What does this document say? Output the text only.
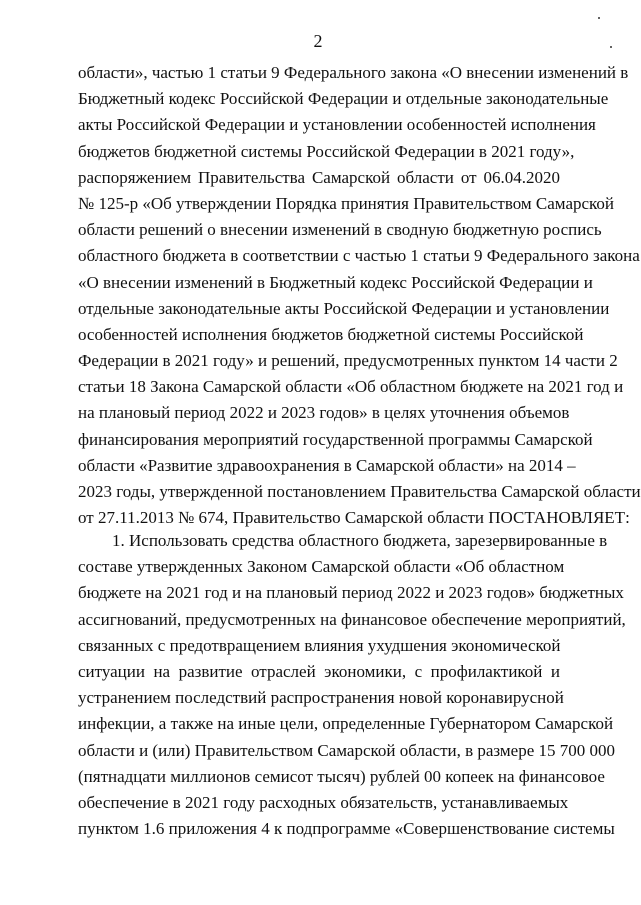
2
области», частью 1 статьи 9 Федерального закона «О внесении изменений в
Бюджетный кодекс Российской Федерации и отдельные законодательные
акты Российской Федерации и установлении особенностей исполнения
бюджетов бюджетной системы Российской Федерации в 2021 году»,
распоряжением Правительства Самарской области от 06.04.2020
№ 125-р «Об утверждении Порядка принятия Правительством Самарской
области решений о внесении изменений в сводную бюджетную роспись
областного бюджета в соответствии с частью 1 статьи 9 Федерального закона
«О внесении изменений в Бюджетный кодекс Российской Федерации и
отдельные законодательные акты Российской Федерации и установлении
особенностей исполнения бюджетов бюджетной системы Российской
Федерации в 2021 году» и решений, предусмотренных пунктом 14 части 2
статьи 18 Закона Самарской области «Об областном бюджете на 2021 год и
на плановый период 2022 и 2023 годов» в целях уточнения объемов
финансирования мероприятий государственной программы Самарской
области «Развитие здравоохранения в Самарской области» на 2014 –
2023 годы, утвержденной постановлением Правительства Самарской области
от 27.11.2013 № 674, Правительство Самарской области ПОСТАНОВЛЯЕТ:
1. Использовать средства областного бюджета, зарезервированные в
составе утвержденных Законом Самарской области «Об областном
бюджете на 2021 год и на плановый период 2022 и 2023 годов» бюджетных
ассигнований, предусмотренных на финансовое обеспечение мероприятий,
связанных с предотвращением влияния ухудшения экономической
ситуации на развитие отраслей экономики, с профилактикой и
устранением последствий распространения новой коронавирусной
инфекции, а также на иные цели, определенные Губернатором Самарской
области и (или) Правительством Самарской области, в размере 15 700 000
(пятнадцати миллионов семисот тысяч) рублей 00 копеек на финансовое
обеспечение в 2021 году расходных обязательств, устанавливаемых
пунктом 1.6 приложения 4 к подпрограмме «Совершенствование системы
